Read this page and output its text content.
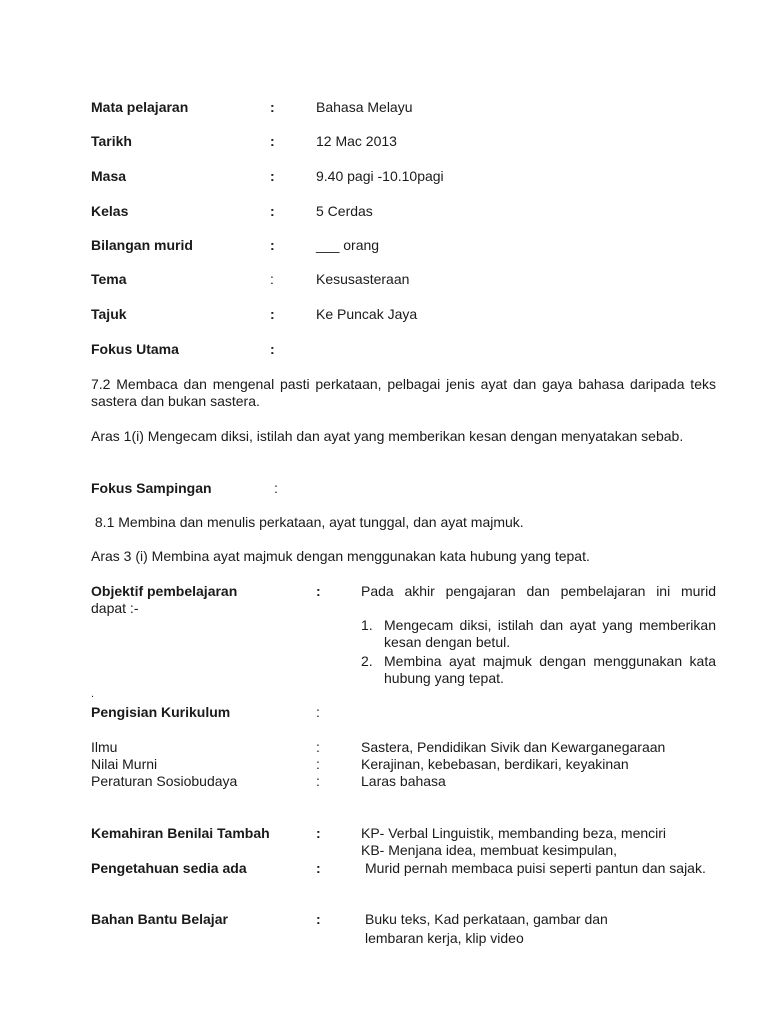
Mata pelajaran	:	Bahasa Melayu
Tarikh	:	12 Mac 2013
Masa	:	9.40 pagi -10.10pagi
Kelas	:	5 Cerdas
Bilangan murid	:	___ orang
Tema	:	Kesusasteraan
Tajuk	:	Ke Puncak Jaya
Fokus Utama	:
7.2 Membaca dan mengenal pasti perkataan, pelbagai jenis ayat dan gaya bahasa daripada teks sastera dan bukan sastera.
Aras 1(i) Mengecam diksi, istilah dan ayat yang memberikan kesan dengan menyatakan sebab.
Fokus Sampingan	:
8.1 Membina dan menulis perkataan, ayat tunggal, dan ayat majmuk.
Aras 3 (i) Membina ayat majmuk dengan menggunakan kata hubung yang tepat.
Objektif pembelajaran	:	Pada akhir pengajaran dan pembelajaran ini murid
dapat :-
1. Mengecam diksi, istilah dan ayat yang memberikan kesan dengan betul.
2. Membina ayat majmuk dengan menggunakan kata hubung yang tepat.
.
Pengisian Kurikulum	:
Ilmu	:	Sastera, Pendidikan Sivik dan Kewarganegaraan
Nilai Murni	:	Kerajinan, kebebasan, berdikari, keyakinan
Peraturan Sosiobudaya	:	Laras bahasa
Kemahiran Benilai Tambah	:	KP- Verbal Linguistik, membanding beza, menciri
KB- Menjana idea, membuat kesimpulan,
Pengetahuan sedia ada	:	Murid pernah membaca puisi seperti pantun dan sajak.
Bahan Bantu Belajar	:	Buku teks, Kad perkataan, gambar dan
lembaran kerja, klip video
